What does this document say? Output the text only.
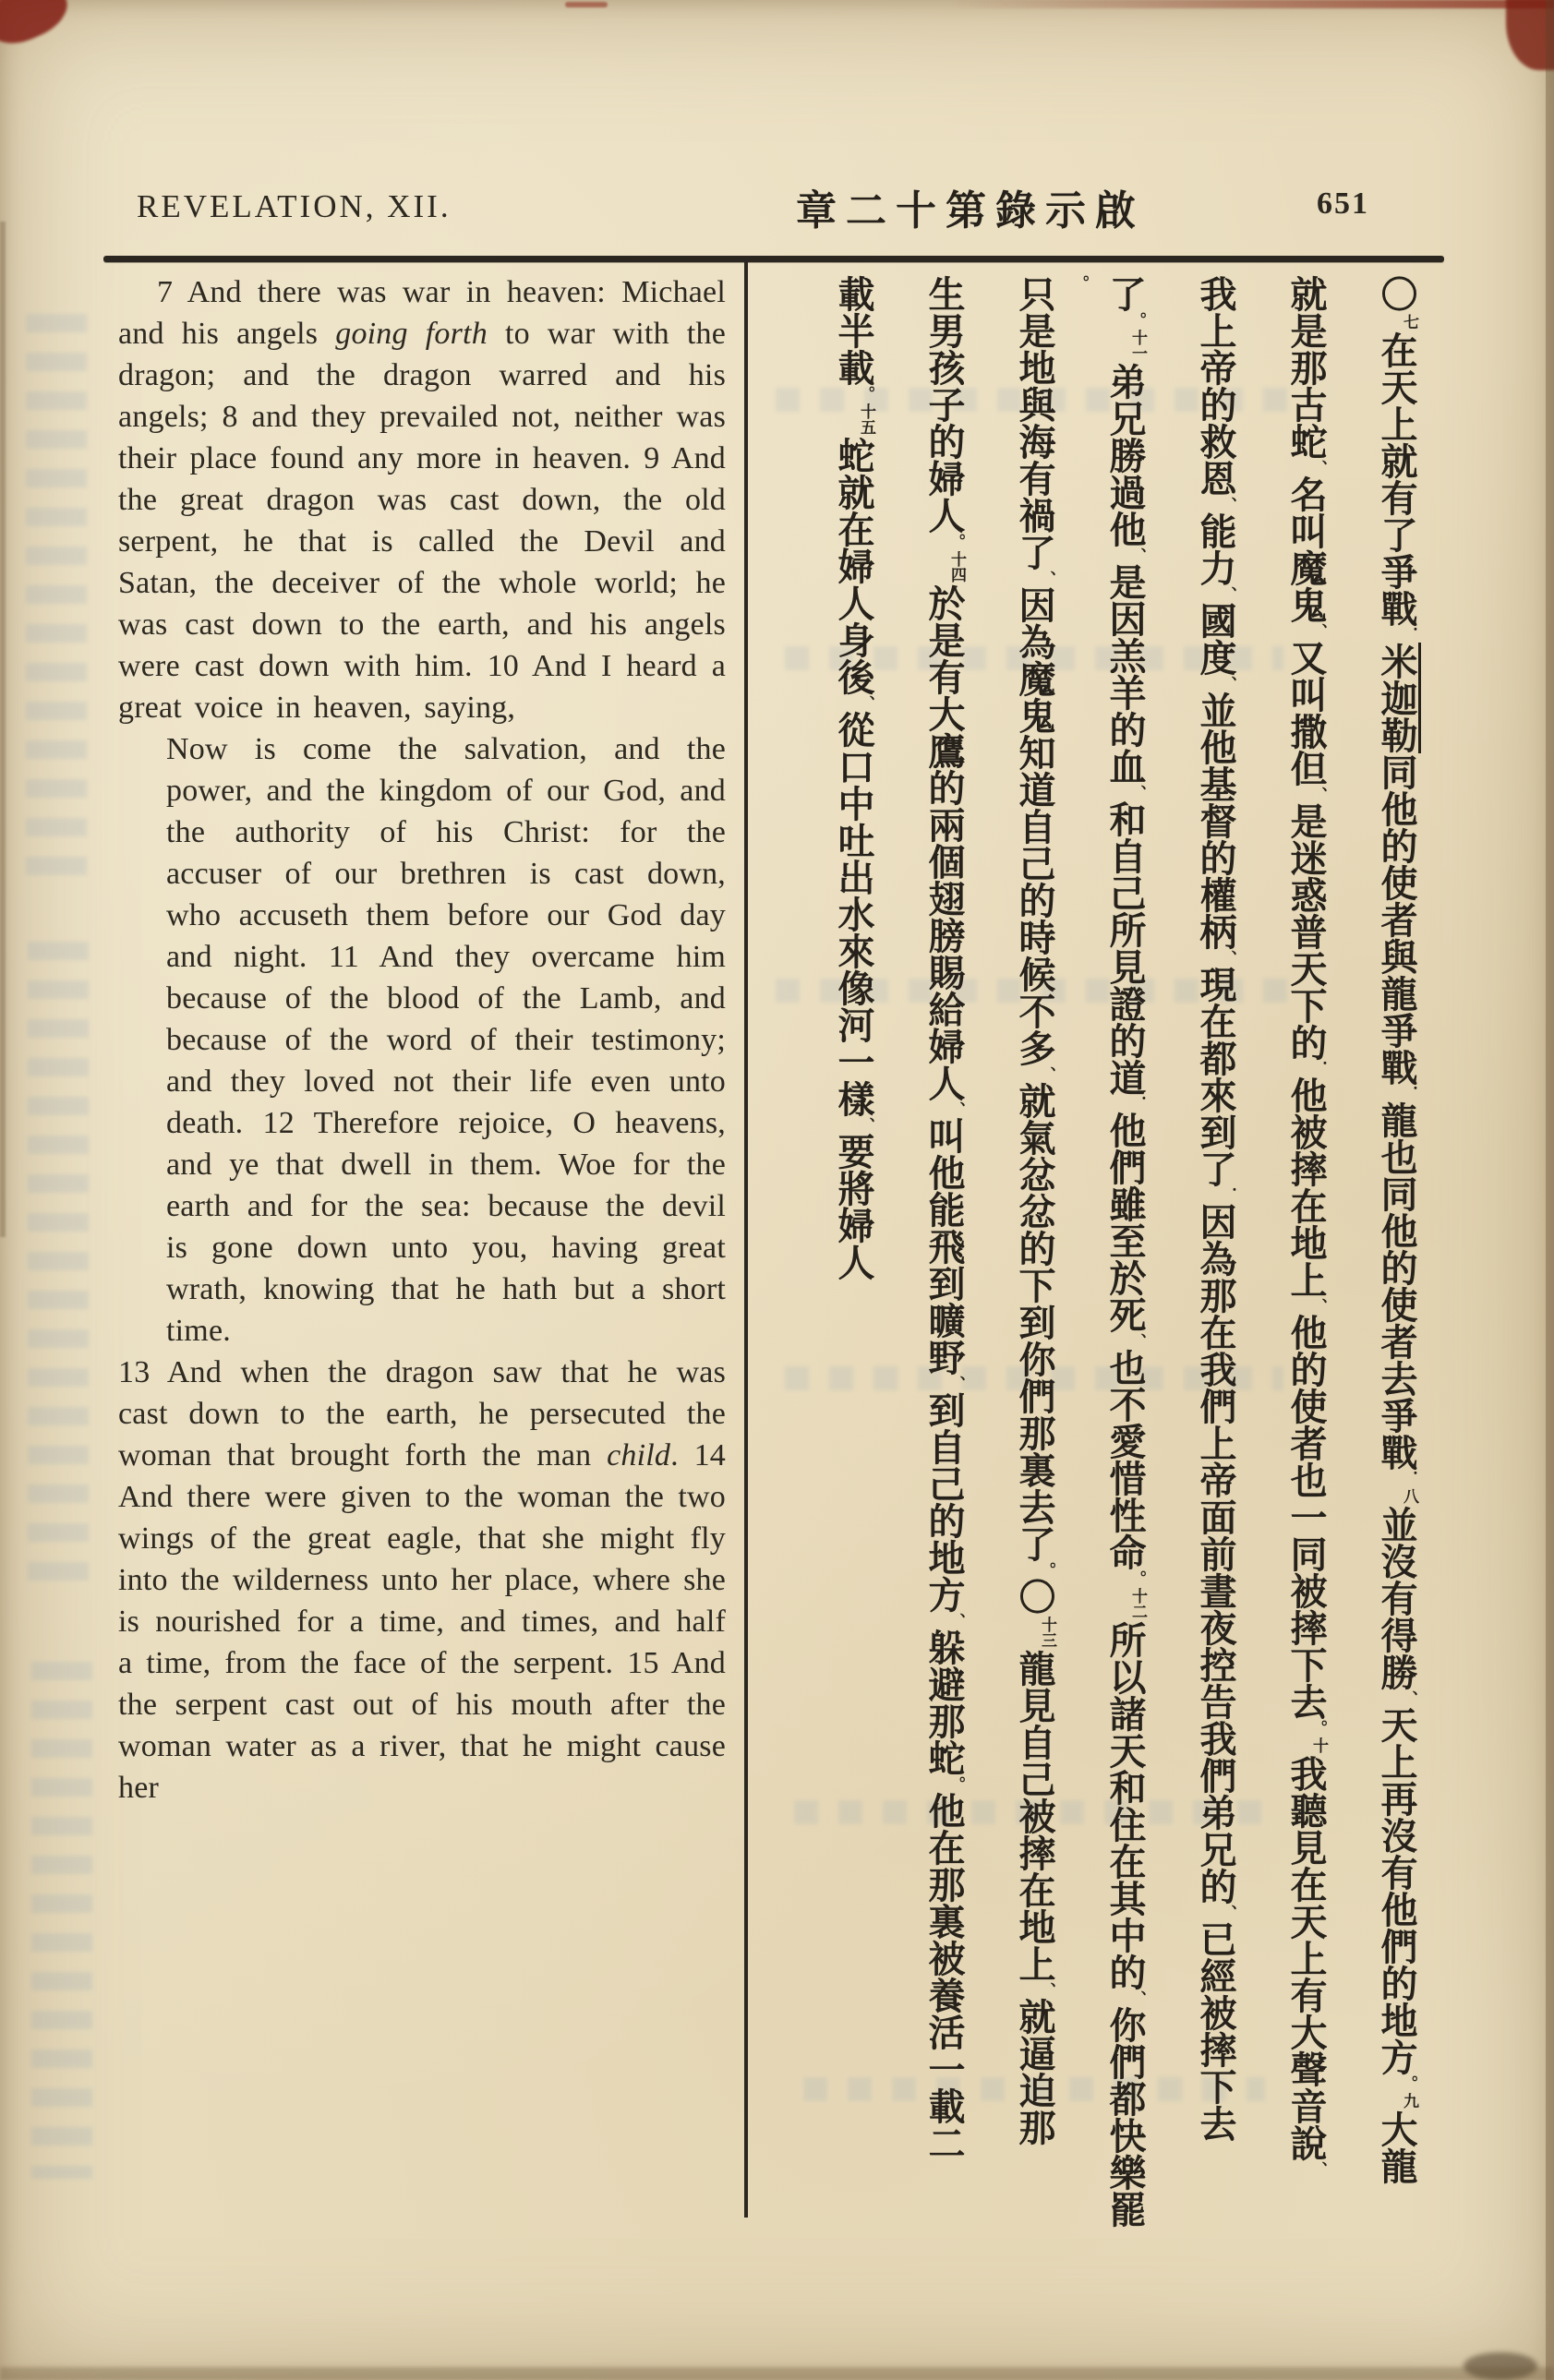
REVELATION, XII.	章二十第錄示啟	651

7 And there was war in heaven: Michael and his angels going forth to war with the dragon; and the dragon warred and his angels; 8 and they prevailed not, neither was their place found any more in heaven. 9 And the great dragon was cast down, the old serpent, he that is called the Devil and Satan, the deceiver of the whole world; he was cast down to the earth, and his angels were cast down with him. 10 And I heard a great voice in heaven, saying,

Now is come the salvation, and the power, and the kingdom of our God, and the authority of his Christ: for the accuser of our brethren is cast down, who accuseth them before our God day and night. 11 And they overcame him because of the blood of the Lamb, and because of the word of their testimony; and they loved not their life even unto death. 12 Therefore rejoice, O heavens, and ye that dwell in them. Woe for the earth and for the sea: because the devil is gone down unto you, having great wrath, knowing that he hath but a short time.

13 And when the dragon saw that he was cast down to the earth, he persecuted the woman that brought forth the man child. 14 And there were given to the woman the two wings of the great eagle, that she might fly into the wilderness unto her place, where she is nourished for a time, and times, and half a time, from the face of the serpent. 15 And the serpent cast out of his mouth after the woman water as a river, that he might cause her

〇七在天上就有了爭戰．米迦勒同他的使者與龍爭戰．龍也同他的使者去爭戰．八並沒有得勝、天上再沒有他們的地方。九大龍
就是那古蛇、名叫魔鬼、又叫撒但、是迷惑普天下的．他被摔在地上、他的使者也一同被摔下去。十我聽見在天上有大聲音說、
我上帝的救恩、能力、國度、並他基督的權柄、現在都來到了．因為那在我們上帝面前晝夜控告我們弟兄的、已經被摔下去
了。十一弟兄勝過他、是因羔羊的血、和自己所見證的道．他們雖至於死、也不愛惜性命。十二所以諸天和住在其中的、你們都快樂罷。
只是地與海有禍了、因為魔鬼知道自己的時候不多、就氣忿忿的下到你們那裏去了。〇十三龍見自己被摔在地上、就逼迫那
生男孩子的婦人。十四於是有大鷹的兩個翅膀賜給婦人、叫他能飛到曠野、到自己的地方、躲避那蛇。他在那裏被養活一載二
載半載。十五蛇就在婦人身後、從口中吐出水來像河一樣、要將婦人
